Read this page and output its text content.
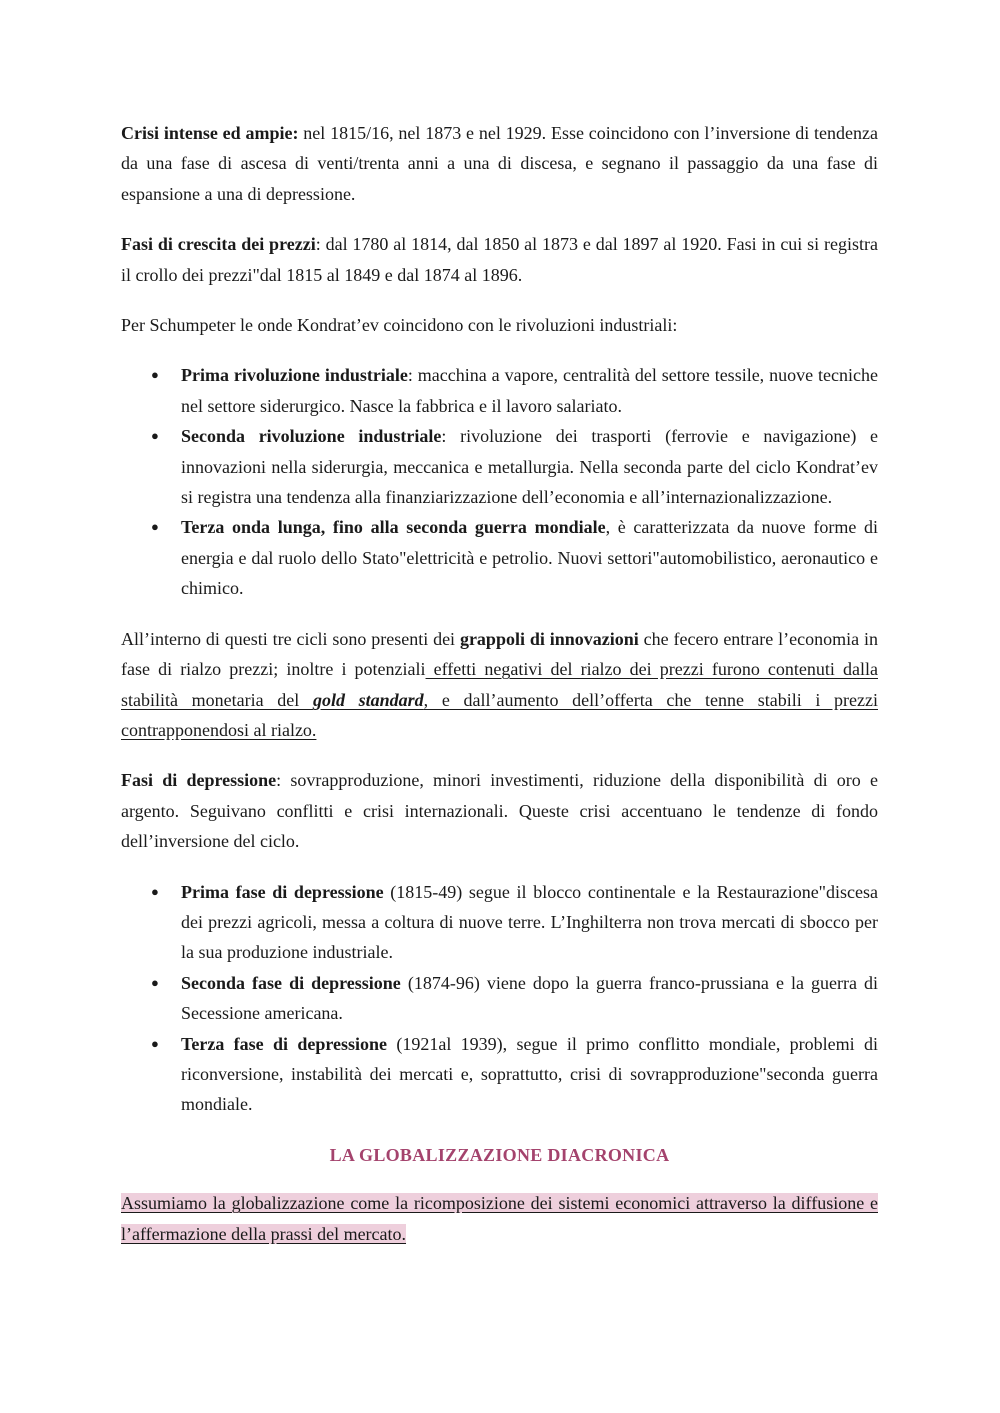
Crisi intense ed ampie: nel 1815/16, nel 1873 e nel 1929. Esse coincidono con l’inversione di tendenza da una fase di ascesa di venti/trenta anni a una di discesa, e segnano il passaggio da una fase di espansione a una di depressione.

Fasi di crescita dei prezzi: dal 1780 al 1814, dal 1850 al 1873 e dal 1897 al 1920. Fasi in cui si registra il crollo dei prezzi"dal 1815 al 1849 e dal 1874 al 1896.

Per Schumpeter le onde Kondrat’ev coincidono con le rivoluzioni industriali:

● Prima rivoluzione industriale: macchina a vapore, centralità del settore tessile, nuove tecniche nel settore siderurgico. Nasce la fabbrica e il lavoro salariato.
● Seconda rivoluzione industriale: rivoluzione dei trasporti (ferrovie e navigazione) e innovazioni nella siderurgia, meccanica e metallurgia. Nella seconda parte del ciclo Kondrat’ev si registra una tendenza alla finanziarizzazione dell’economia e all’internazionalizzazione.
● Terza onda lunga, fino alla seconda guerra mondiale, è caratterizzata da nuove forme di energia e dal ruolo dello Stato"elettricità e petrolio. Nuovi settori"automobilistico, aeronautico e chimico.

All’interno di questi tre cicli sono presenti dei grappoli di innovazioni che fecero entrare l’economia in fase di rialzo prezzi; inoltre i potenziali effetti negativi del rialzo dei prezzi furono contenuti dalla stabilità monetaria del gold standard, e dall’aumento dell’offerta che tenne stabili i prezzi contrapponendosi al rialzo.

Fasi di depressione: sovrapproduzione, minori investimenti, riduzione della disponibilità di oro e argento. Seguivano conflitti e crisi internazionali. Queste crisi accentuano le tendenze di fondo dell’inversione del ciclo.

● Prima fase di depressione (1815-49) segue il blocco continentale e la Restaurazione"discesa dei prezzi agricoli, messa a coltura di nuove terre. L’Inghilterra non trova mercati di sbocco per la sua produzione industriale.
● Seconda fase di depressione (1874-96) viene dopo la guerra franco-prussiana e la guerra di Secessione americana.
● Terza fase di depressione (1921al 1939), segue il primo conflitto mondiale, problemi di riconversione, instabilità dei mercati e, soprattutto, crisi di sovrapproduzione"seconda guerra mondiale.
LA GLOBALIZZAZIONE DIACRONICA

Assumiamo la globalizzazione come la ricomposizione dei sistemi economici attraverso la diffusione e l’affermazione della prassi del mercato.
